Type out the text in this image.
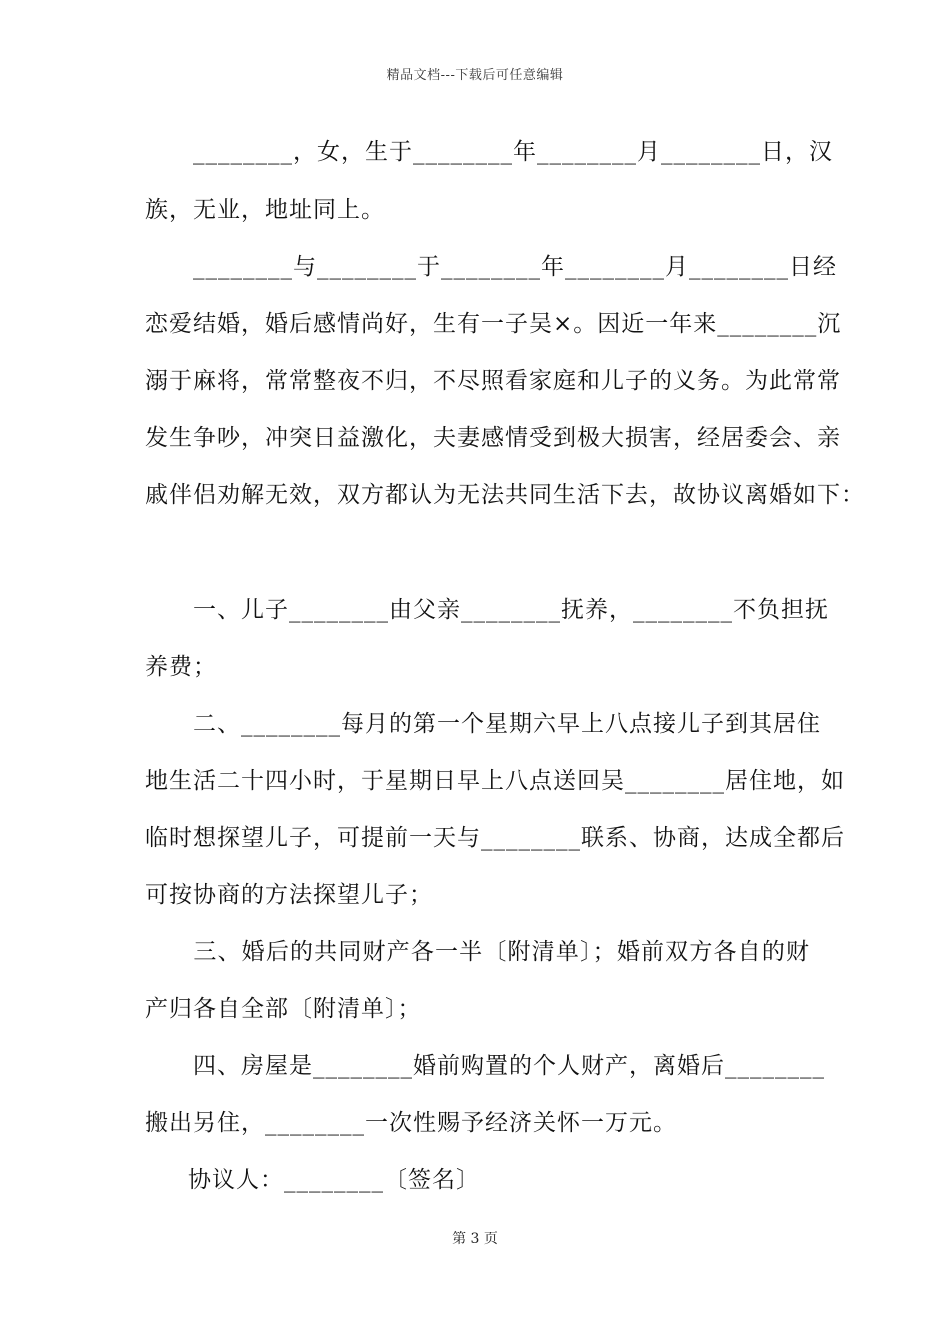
精品文档---下载后可任意编辑
　　________，女，生于________年________月________日，汉
族，无业，地址同上。
　　________与________于________年________月________日经
恋爱结婚，婚后感情尚好，生有一子吴×。因近一年来________沉
溺于麻将，常常整夜不归，不尽照看家庭和儿子的义务。为此常常
发生争吵，冲突日益激化，夫妻感情受到极大损害，经居委会、亲
戚伴侣劝解无效，双方都认为无法共同生活下去，故协议离婚如下：
　　一、儿子________由父亲________抚养，________不负担抚
养费；
　　二、________每月的第一个星期六早上八点接儿子到其居住
地生活二十四小时，于星期日早上八点送回吴________居住地，如
临时想探望儿子，可提前一天与________联系、协商，达成全都后
可按协商的方法探望儿子；
　　三、婚后的共同财产各一半〔附清单〕；婚前双方各自的财
产归各自全部〔附清单〕；
　　四、房屋是________婚前购置的个人财产，离婚后________
搬出另住，________一次性赐予经济关怀一万元。
　　协议人：________〔签名〕
第 3 页
